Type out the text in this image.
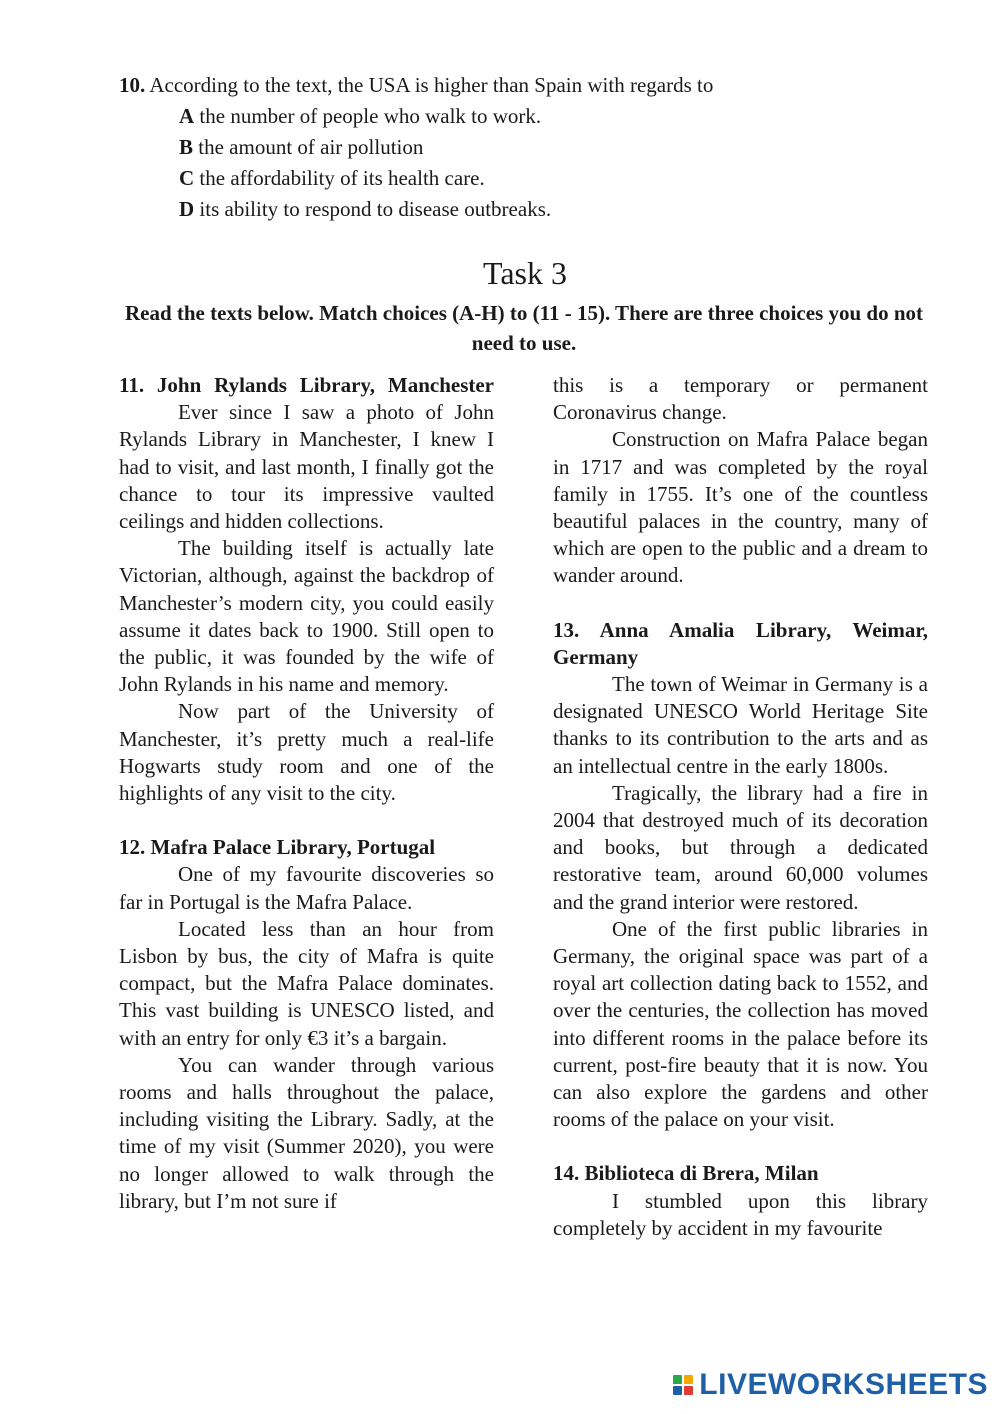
10. According to the text, the USA is higher than Spain with regards to
A the number of people who walk to work.
B the amount of air pollution
C the affordability of its health care.
D its ability to respond to disease outbreaks.
Task 3
Read the texts below. Match choices (A-H) to (11 - 15). There are three choices you do not need to use.
11. John Rylands Library, Manchester

Ever since I saw a photo of John Rylands Library in Manchester, I knew I had to visit, and last month, I finally got the chance to tour its impressive vaulted ceilings and hidden collections.

The building itself is actually late Victorian, although, against the backdrop of Manchester’s modern city, you could easily assume it dates back to 1900. Still open to the public, it was founded by the wife of John Rylands in his name and memory.

Now part of the University of Manchester, it’s pretty much a real-life Hogwarts study room and one of the highlights of any visit to the city.

12. Mafra Palace Library, Portugal

One of my favourite discoveries so far in Portugal is the Mafra Palace.

Located less than an hour from Lisbon by bus, the city of Mafra is quite compact, but the Mafra Palace dominates. This vast building is UNESCO listed, and with an entry for only €3 it’s a bargain.

You can wander through various rooms and halls throughout the palace, including visiting the Library. Sadly, at the time of my visit (Summer 2020), you were no longer allowed to walk through the library, but I’m not sure if

this is a temporary or permanent Coronavirus change.

Construction on Mafra Palace began in 1717 and was completed by the royal family in 1755. It’s one of the countless beautiful palaces in the country, many of which are open to the public and a dream to wander around.

13. Anna Amalia Library, Weimar, Germany

The town of Weimar in Germany is a designated UNESCO World Heritage Site thanks to its contribution to the arts and as an intellectual centre in the early 1800s.

Tragically, the library had a fire in 2004 that destroyed much of its decoration and books, but through a dedicated restorative team, around 60,000 volumes and the grand interior were restored.

One of the first public libraries in Germany, the original space was part of a royal art collection dating back to 1552, and over the centuries, the collection has moved into different rooms in the palace before its current, post-fire beauty that it is now. You can also explore the gardens and other rooms of the palace on your visit.

14. Biblioteca di Brera, Milan

I stumbled upon this library completely by accident in my favourite

LIVEWORKSHEETS
